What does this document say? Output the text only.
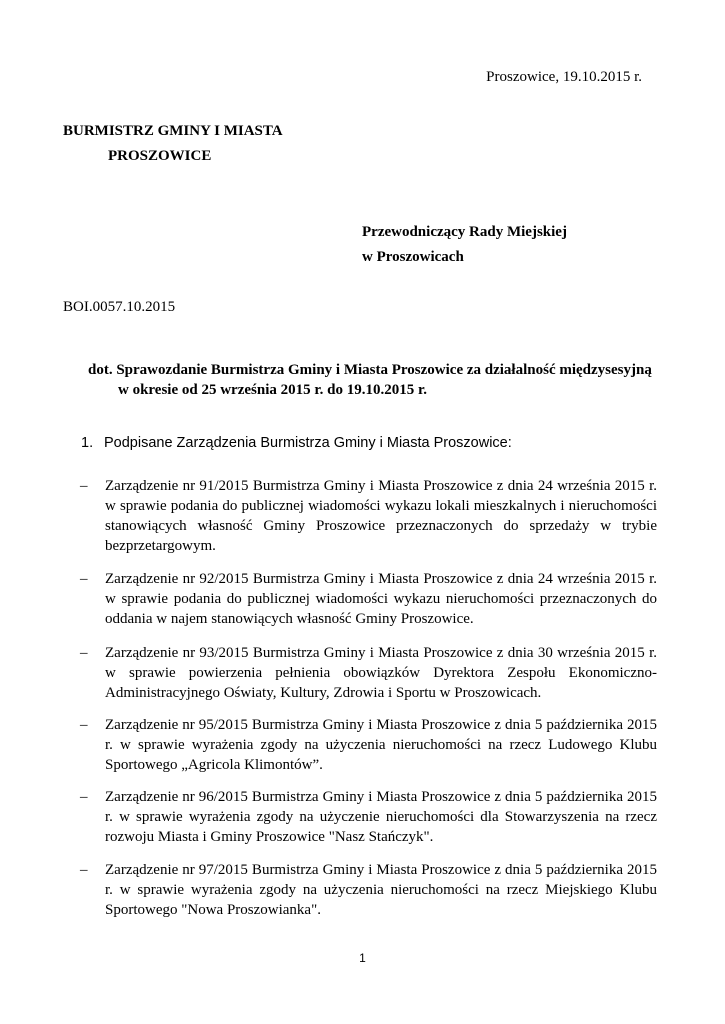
Proszowice, 19.10.2015 r.
BURMISTRZ GMINY I MIASTA
PROSZOWICE
Przewodniczący Rady Miejskiej
w Proszowicach
BOI.0057.10.2015
dot. Sprawozdanie Burmistrza Gminy i Miasta Proszowice za działalność międzysesyjną
w okresie od 25 września 2015 r. do 19.10.2015 r.
1. Podpisane Zarządzenia Burmistrza Gminy i Miasta Proszowice:
– Zarządzenie nr 91/2015 Burmistrza Gminy i Miasta Proszowice z dnia 24 września 2015 r. w sprawie podania do publicznej wiadomości wykazu lokali mieszkalnych i nieruchomości stanowiących własność Gminy Proszowice przeznaczonych do sprzedaży w trybie bezprzetargowym.
– Zarządzenie nr 92/2015 Burmistrza Gminy i Miasta Proszowice z dnia 24 września 2015 r. w sprawie podania do publicznej wiadomości wykazu nieruchomości przeznaczonych do oddania w najem stanowiących własność Gminy Proszowice.
– Zarządzenie nr 93/2015 Burmistrza Gminy i Miasta Proszowice z dnia 30 września 2015 r. w sprawie powierzenia pełnienia obowiązków Dyrektora Zespołu Ekonomiczno-Administracyjnego Oświaty, Kultury, Zdrowia i Sportu w Proszowicach.
– Zarządzenie nr 95/2015 Burmistrza Gminy i Miasta Proszowice z dnia 5 października 2015 r. w sprawie wyrażenia zgody na użyczenia nieruchomości na rzecz Ludowego Klubu Sportowego „Agricola Klimontów”.
– Zarządzenie nr 96/2015 Burmistrza Gminy i Miasta Proszowice z dnia 5 października 2015 r. w sprawie wyrażenia zgody na użyczenie nieruchomości dla Stowarzyszenia na rzecz rozwoju Miasta i Gminy Proszowice "Nasz Stańczyk".
– Zarządzenie nr 97/2015 Burmistrza Gminy i Miasta Proszowice z dnia 5 października 2015 r. w sprawie wyrażenia zgody na użyczenia nieruchomości na rzecz Miejskiego Klubu Sportowego "Nowa Proszowianka".
1
